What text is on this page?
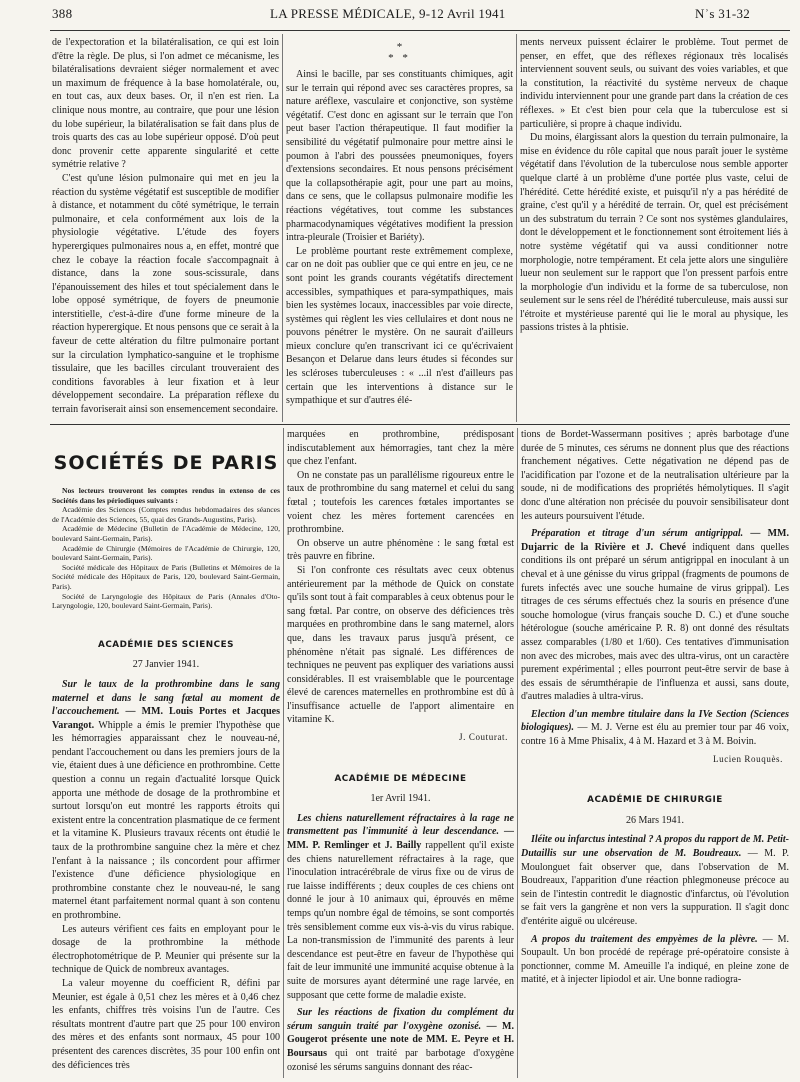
388	LA PRESSE MÉDICALE, 9-12 Avril 1941	Nʾs 31-32

de l'expectoration et la bilatéralisation, ce qui est loin d'être la règle. De plus, si l'on admet ce mécanisme, les bilatéralisations devraient siéger normalement et avec un maximum de fréquence à la base homolatérale, ou, en tout cas, aux deux bases. Or, il n'en est rien. La clinique nous montre, au contraire, que pour une lésion du lobe supérieur, la bilatéralisation se fait dans plus de trois quarts des cas au lobe supérieur opposé. D'où peut donc provenir cette apparente singularité et cette symétrie relative ?

C'est qu'une lésion pulmonaire qui met en jeu la réaction du système végétatif est susceptible de modifier à distance, et notamment du côté symétrique, le terrain pulmonaire, et cela conformément aux lois de la physiologie végétative. L'étude des foyers hyperergiques pulmonaires nous a, en effet, montré que chez le cobaye la réaction focale s'accompagnait à distance, dans la zone sous-scissurale, dans l'épanouissement des hiles et tout spécialement dans le lobe opposé symétrique, de foyers de pneumonie interstitielle, c'est-à-dire d'une forme mineure de la réaction hyperergique. Et nous pensons que ce serait à la faveur de cette altération du filtre pulmonaire portant sur la circulation lymphatico-sanguine et le trophisme tissulaire, que les bacilles circulant trouveraient des conditions favorables à leur fixation et à leur développement secondaire. La préparation réflexe du terrain favoriserait ainsi son ensemencement secondaire.

*
* *

Ainsi le bacille, par ses constituants chimiques, agit sur le terrain qui répond avec ses caractères propres, sa nature aréflexe, vasculaire et conjonctive, son système végétatif. C'est donc en agissant sur le terrain que l'on peut baser l'action thérapeutique. Il faut modifier la sensibilité du végétatif pulmonaire pour mettre ainsi le poumon à l'abri des poussées pneumoniques, foyers d'extensions secondaires. Et nous pensons précisément que la collapsothérapie agit, pour une part au moins, dans ce sens, que le collapsus pulmonaire modifie les réactions végétatives, tout comme les substances pharmacodynamiques végétatives modifient la pression intra-pleurale (Troisier et Bariéty).

Le problème pourtant reste extrêmement complexe, car on ne doit pas oublier que ce qui entre en jeu, ce ne sont point les grands courants végétatifs directement accessibles, sympathiques et para-sympathiques, mais bien les systèmes locaux, inaccessibles par voie directe, systèmes qui règlent les vies cellulaires et dont nous ne pouvons pénétrer le mystère. On ne saurait d'ailleurs mieux conclure qu'en transcrivant ici ce qu'écrivaient Besançon et Delarue dans leurs études si fécondes sur les scléroses tuberculeuses : « ...il n'est d'ailleurs pas certain que les interventions à distance sur le sympathique et sur d'autres élé-

ments nerveux puissent éclairer le problème. Tout permet de penser, en effet, que des réflexes régionaux très localisés interviennent souvent seuls, ou suivant des voies variables, et que la constitution, la réactivité du système nerveux de chaque individu interviennent pour une grande part dans la création de ces réflexes. » Et c'est bien pour cela que la tuberculose est si particulière, si propre à chaque individu.

Du moins, élargissant alors la question du terrain pulmonaire, la mise en évidence du rôle capital que nous paraît jouer le système végétatif dans l'évolution de la tuberculose nous semble apporter quelque clarté à un problème d'une portée plus vaste, celui de l'hérédité. Cette hérédité existe, et puisqu'il n'y a pas hérédité de graine, c'est qu'il y a hérédité de terrain. Or, quel est précisément un des substratum du terrain ? Ce sont nos systèmes glandulaires, dont le développement et le fonctionnement sont étroitement liés à notre système végétatif qui va aussi conditionner notre morphologie, notre tempérament. Et cela jette alors une singulière lueur non seulement sur le rapport que l'on pressent parfois entre la morphologie d'un individu et la forme de sa tuberculose, non seulement sur le sens réel de l'hérédité tuberculeuse, mais aussi sur l'étroite et mystérieuse parenté qui lie le moral au physique, les passions tristes à la phtisie.

SOCIÉTÉS DE PARIS

Nos lecteurs trouveront les comptes rendus in extenso de ces Sociétés dans les périodiques suivants :

Académie des Sciences (Comptes rendus hebdomadaires des séances de l'Académie des Sciences, 55, quai des Grands-Augustins, Paris).

Académie de Médecine (Bulletin de l'Académie de Médecine, 120, boulevard Saint-Germain, Paris).

Académie de Chirurgie (Mémoires de l'Académie de Chirurgie, 120, boulevard Saint-Germain, Paris).

Société médicale des Hôpitaux de Paris (Bulletins et Mémoires de la Société médicale des Hôpitaux de Paris, 120, boulevard Saint-Germain, Paris).

Société de Laryngologie des Hôpitaux de Paris (Annales d'Oto-Laryngologie, 120, boulevard Saint-Germain, Paris).

ACADÉMIE DES SCIENCES
27 Janvier 1941.

Sur le taux de la prothrombine dans le sang maternel et dans le sang fœtal au moment de l'accouchement. — MM. Louis Portes et Jacques Varangot. Whipple a émis le premier l'hypothèse que les hémorragies apparaissant chez le nouveau-né, pendant l'accouchement ou dans les premiers jours de la vie, étaient dues à une déficience en prothrombine. Cette question a connu un regain d'actualité lorsque Quick apporta une méthode de dosage de la prothrombine et surtout lorsqu'on eut montré les rapports étroits qui existent entre la concentration plasmatique de ce ferment et la vitamine K. Plusieurs travaux récents ont étudié le taux de la prothrombine sanguine chez la mère et chez l'enfant à la naissance ; ils concordent pour affirmer l'existence d'une déficience physiologique en prothrombine constante chez le nouveau-né, le sang maternel étant parfaitement normal quant à son contenu en prothrombine.

Les auteurs vérifient ces faits en employant pour le dosage de la prothrombine la méthode électrophotométrique de P. Meunier qui présente sur la technique de Quick de nombreux avantages.

La valeur moyenne du coefficient R, défini par Meunier, est égale à 0,51 chez les mères et à 0,46 chez les enfants, chiffres très voisins l'un de l'autre. Ces résultats montrent d'autre part que 25 pour 100 environ des mères et des enfants sont normaux, 45 pour 100 présentent des carences discrètes, 35 pour 100 enfin ont des déficiences très

marquées en prothrombine, prédisposant indiscutablement aux hémorragies, tant chez la mère que chez l'enfant.

On ne constate pas un parallélisme rigoureux entre le taux de prothrombine du sang maternel et celui du sang fœtal ; toutefois les carences fœtales importantes se voient chez les mères fortement carencées en prothrombine.

On observe un autre phénomène : le sang fœtal est très pauvre en fibrine.

Si l'on confronte ces résultats avec ceux obtenus antérieurement par la méthode de Quick on constate qu'ils sont tout à fait comparables à ceux obtenus pour le sang fœtal. Par contre, on observe des déficiences très marquées en prothrombine dans le sang maternel, alors que, dans les travaux parus jusqu'à présent, ce phénomène n'était pas signalé. Les différences de techniques ne peuvent pas expliquer des variations aussi considérables. Il est vraisemblable que le pourcentage élevé de carences maternelles en prothrombine est dû à l'insuffisance actuelle de l'apport alimentaire en vitamine K.

J. Couturat.
ACADÉMIE DE MÉDECINE
1er Avril 1941.

Les chiens naturellement réfractaires à la rage ne transmettent pas l'immunité à leur descendance. — MM. P. Remlinger et J. Bailly rappellent qu'il existe des chiens naturellement réfractaires à la rage, que l'inoculation intracérébrale de virus fixe ou de virus de rue laisse indifférents ; deux couples de ces chiens ont donné le jour à 10 animaux qui, éprouvés en même temps qu'un nombre égal de témoins, se sont comportés très sensiblement comme eux vis-à-vis du virus rabique. La non-transmission de l'immunité des parents à leur descendance est peut-être en faveur de l'hypothèse qui fait de leur immunité une immunité acquise obtenue à la suite de morsures ayant déterminé une rage larvée, en supposant que cette forme de maladie existe.

Sur les réactions de fixation du complément du sérum sanguin traité par l'oxygène ozonisé. — M. Gougerot présente une note de MM. E. Peyre et H. Boursaus qui ont traité par barbotage d'oxygène ozonisé les sérums sanguins donnant des réac-

tions de Bordet-Wassermann positives ; après barbotage d'une durée de 5 minutes, ces sérums ne donnent plus que des réactions franchement négatives. Cette négativation ne dépend pas de l'acidification par l'ozone et de la neutralisation ultérieure par la soude, ni de modifications des propriétés hémolytiques. Il s'agit donc d'une altération non précisée du pouvoir sensibilisateur dont les auteurs poursuivent l'étude.

Préparation et titrage d'un sérum antigrippal. — MM. Dujarric de la Rivière et J. Chevé indiquent dans quelles conditions ils ont préparé un sérum antigrippal en inoculant à un cheval et à une génisse du virus grippal (fragments de poumons de furets infectés avec une souche humaine de virus grippal). Les titrages de ces sérums effectués chez la souris en présence d'une souche homologue (virus français souche D. C.) et d'une souche hétérologue (souche américaine P. R. 8) ont donné des résultats assez comparables (1/80 et 1/60). Ces tentatives d'immunisation non avec des microbes, mais avec des ultra-virus, ont un caractère purement expérimental ; elles pourront peut-être servir de base à des essais de sérumthérapie de l'influenza et aussi, sans doute, d'autres maladies à ultra-virus.

Election d'un membre titulaire dans la IVe Section (Sciences biologiques). — M. J. Verne est élu au premier tour par 46 voix, contre 16 à Mme Phisalix, 4 à M. Hazard et 3 à M. Boivin.

Lucien Rouquès.
ACADÉMIE DE CHIRURGIE
26 Mars 1941.

Iléite ou infarctus intestinal ? A propos du rapport de M. Petit-Dutaillis sur une observation de M. Boudreaux. — M. P. Moulonguet fait observer que, dans l'observation de M. Boudreaux, l'apparition d'une réaction phlegmoneuse précoce au sein de l'intestin contredit le diagnostic d'infarctus, où l'évolution se fait vers la gangrène et non vers la suppuration. Il s'agit donc d'entérite aiguë ou ulcéreuse.

A propos du traitement des empyèmes de la plèvre. — M. Soupault. Un bon procédé de repérage pré-opératoire consiste à ponctionner, comme M. Ameuille l'a indiqué, en pleine zone de matité, et à injecter lipiodol et air. Une bonne radiogra-
